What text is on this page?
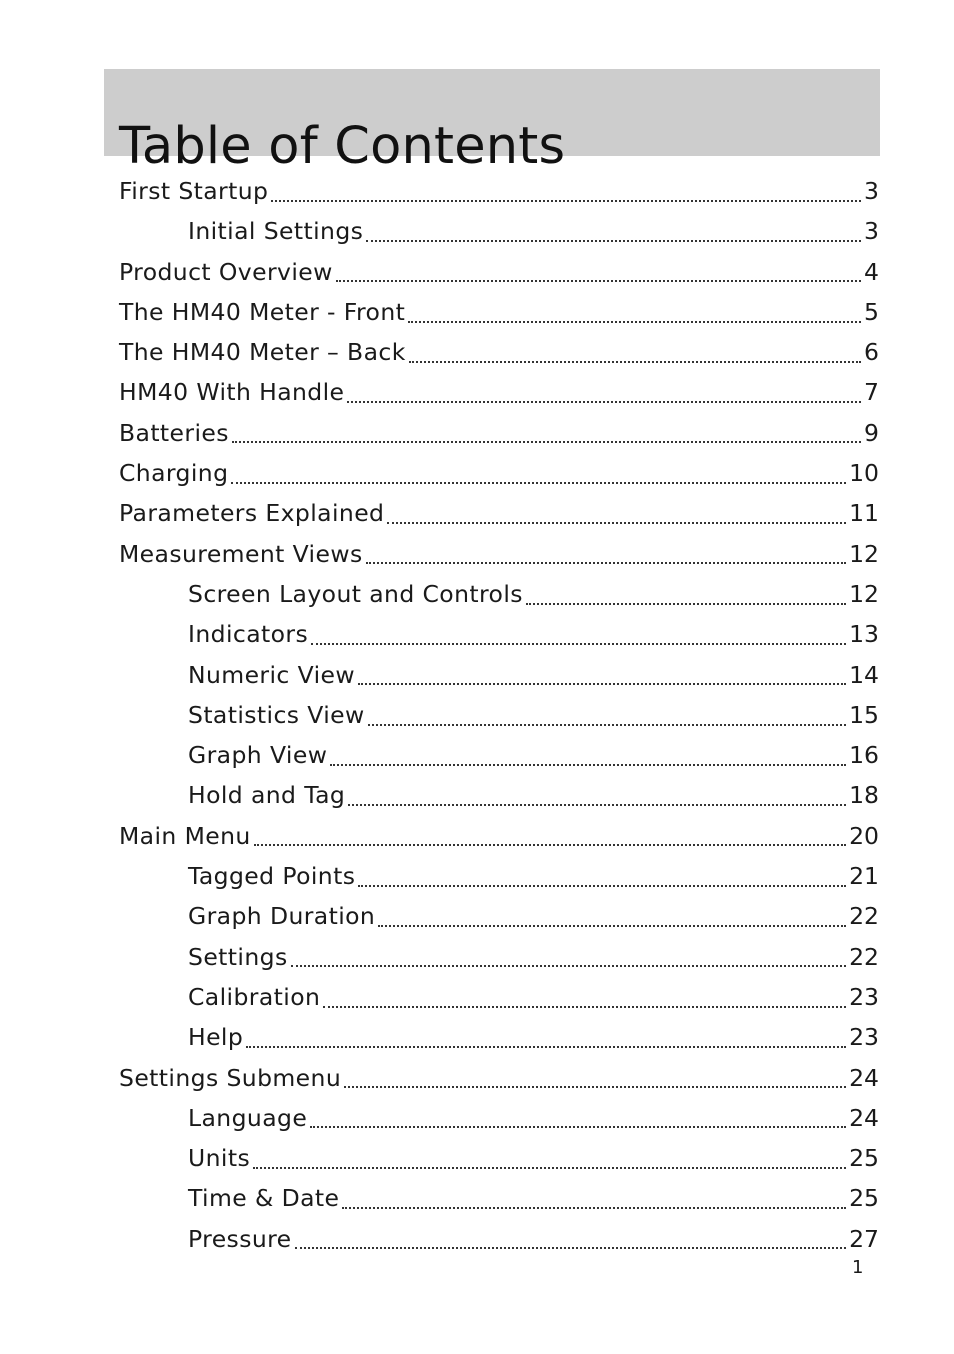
Table of Contents
First Startup	3
Initial Settings	3
Product Overview	4
The HM40 Meter - Front	5
The HM40 Meter – Back	6
HM40 With Handle	7
Batteries	9
Charging	10
Parameters Explained	11
Measurement Views	12
Screen Layout and Controls	12
Indicators	13
Numeric View	14
Statistics View	15
Graph View	16
Hold and Tag	18
Main Menu	20
Tagged Points	21
Graph Duration	22
Settings	22
Calibration	23
Help	23
Settings Submenu	24
Language	24
Units	25
Time & Date	25
Pressure	27
1
